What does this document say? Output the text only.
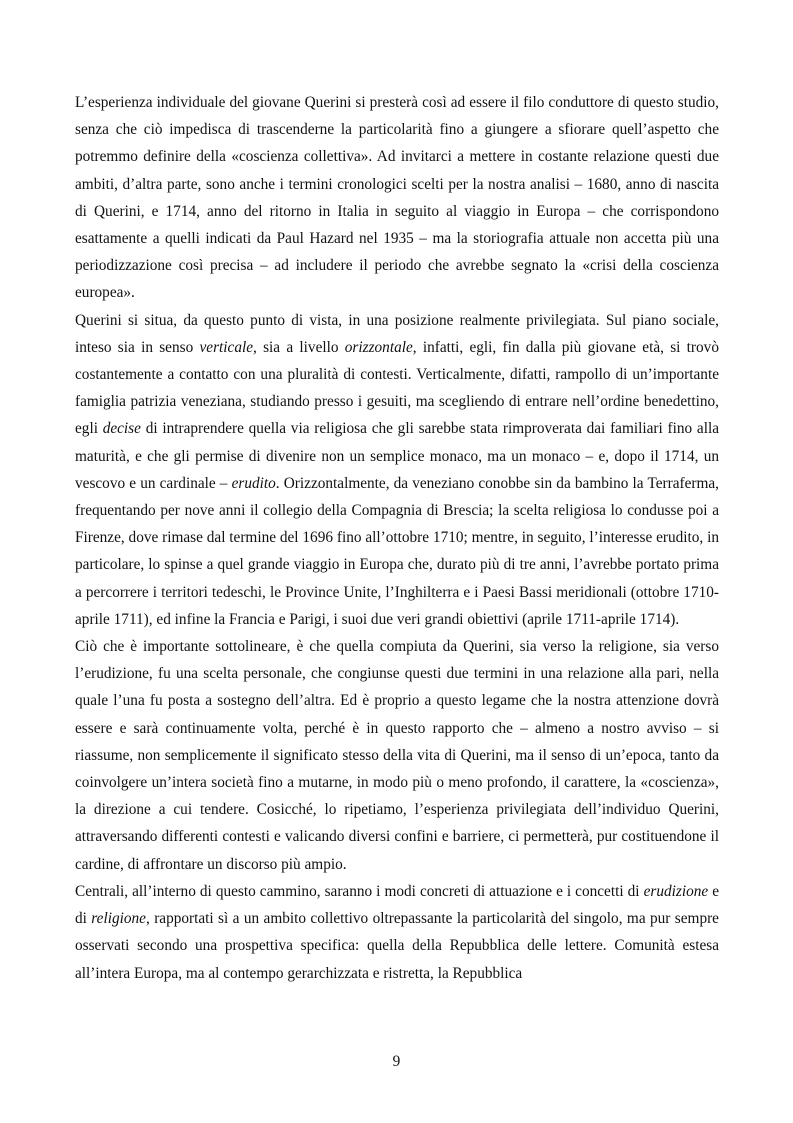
L’esperienza individuale del giovane Querini si presterà così ad essere il filo conduttore di questo studio, senza che ciò impedisca di trascenderne la particolarità fino a giungere a sfiorare quell’aspetto che potremmo definire della «coscienza collettiva». Ad invitarci a mettere in costante relazione questi due ambiti, d’altra parte, sono anche i termini cronologici scelti per la nostra analisi – 1680, anno di nascita di Querini, e 1714, anno del ritorno in Italia in seguito al viaggio in Europa – che corrispondono esattamente a quelli indicati da Paul Hazard nel 1935 – ma la storiografia attuale non accetta più una periodizzazione così precisa – ad includere il periodo che avrebbe segnato la «crisi della coscienza europea».

Querini si situa, da questo punto di vista, in una posizione realmente privilegiata. Sul piano sociale, inteso sia in senso verticale, sia a livello orizzontale, infatti, egli, fin dalla più giovane età, si trovò costantemente a contatto con una pluralità di contesti. Verticalmente, difatti, rampollo di un’importante famiglia patrizia veneziana, studiando presso i gesuiti, ma scegliendo di entrare nell’ordine benedettino, egli decise di intraprendere quella via religiosa che gli sarebbe stata rimproverata dai familiari fino alla maturità, e che gli permise di divenire non un semplice monaco, ma un monaco – e, dopo il 1714, un vescovo e un cardinale – erudito. Orizzontalmente, da veneziano conobbe sin da bambino la Terraferma, frequentando per nove anni il collegio della Compagnia di Brescia; la scelta religiosa lo condusse poi a Firenze, dove rimase dal termine del 1696 fino all’ottobre 1710; mentre, in seguito, l’interesse erudito, in particolare, lo spinse a quel grande viaggio in Europa che, durato più di tre anni, l’avrebbe portato prima a percorrere i territori tedeschi, le Province Unite, l’Inghilterra e i Paesi Bassi meridionali (ottobre 1710-aprile 1711), ed infine la Francia e Parigi, i suoi due veri grandi obiettivi (aprile 1711-aprile 1714).

Ciò che è importante sottolineare, è che quella compiuta da Querini, sia verso la religione, sia verso l’erudizione, fu una scelta personale, che congiunse questi due termini in una relazione alla pari, nella quale l’una fu posta a sostegno dell’altra. Ed è proprio a questo legame che la nostra attenzione dovrà essere e sarà continuamente volta, perché è in questo rapporto che – almeno a nostro avviso – si riassume, non semplicemente il significato stesso della vita di Querini, ma il senso di un’epoca, tanto da coinvolgere un’intera società fino a mutarne, in modo più o meno profondo, il carattere, la «coscienza», la direzione a cui tendere. Cosicché, lo ripetiamo, l’esperienza privilegiata dell’individuo Querini, attraversando differenti contesti e valicando diversi confini e barriere, ci permetterà, pur costituendone il cardine, di affrontare un discorso più ampio.

Centrali, all’interno di questo cammino, saranno i modi concreti di attuazione e i concetti di erudizione e di religione, rapportati sì a un ambito collettivo oltrepassante la particolarità del singolo, ma pur sempre osservati secondo una prospettiva specifica: quella della Repubblica delle lettere. Comunità estesa all’intera Europa, ma al contempo gerarchizzata e ristretta, la Repubblica

9
